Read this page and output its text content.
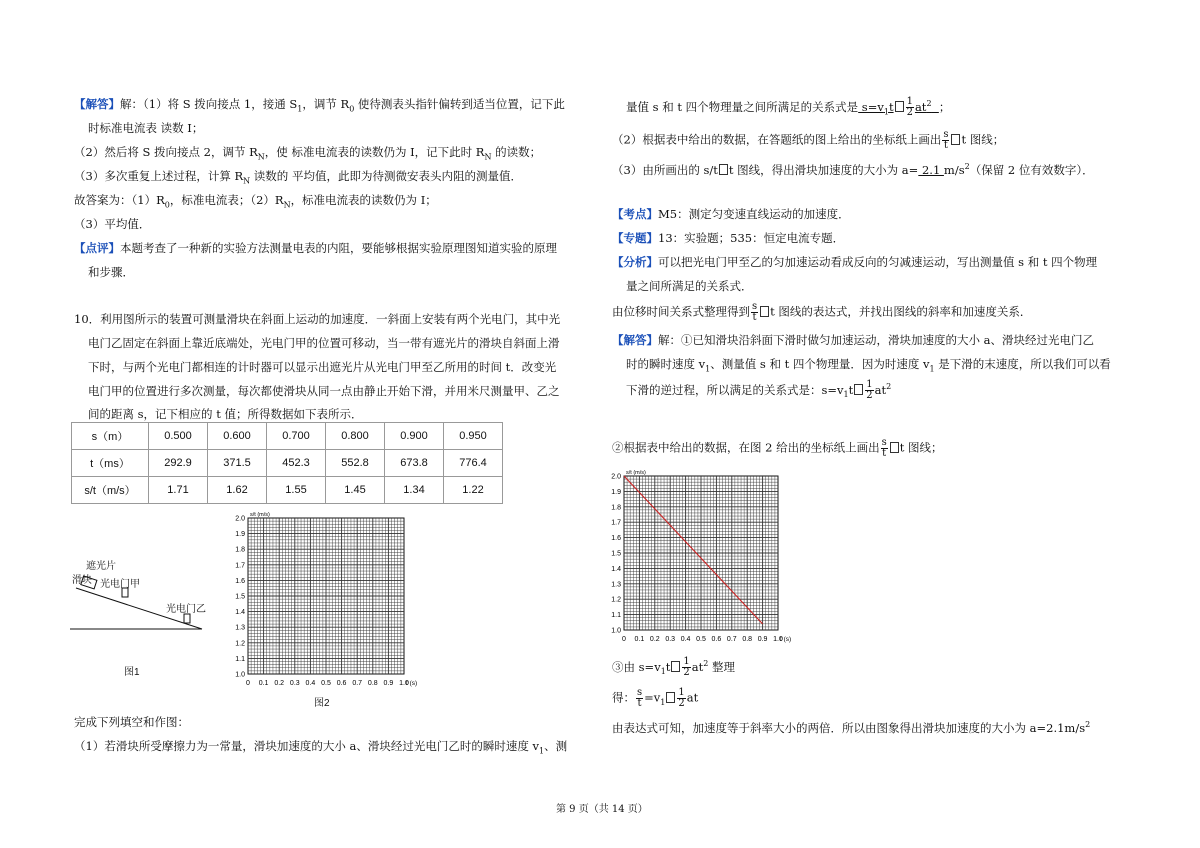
【解答】解：（1）将 S 拨向接点 1，接通 $S_1$，调节 $R_0$ 使待测表头指针偏转到适当位置，记下此
时标准电流表 读数 I；
（2）然后将 S 拨向接点 2，调节 $R_N$，使 标准电流表的读数仍为 I，记下此时 $R_N$ 的读数；
（3）多次重复上述过程，计算 $R_N$ 读数的 平均值，此即为待测微安表头内阻的测量值．
故答案为：$(1)R_0$，标准电流表；$(2)R_N$，标准电流表的读数仍为 I；
（3）平均值．
【点评】本题考查了一种新的实验方法测量电表的内阻，要能够根据实验原理图知道实验的原理
和步骤．
10．利用图所示的装置可测量滑块在斜面上运动的加速度．一斜面上安装有两个光电门，其中光
电门乙固定在斜面上靠近底端处，光电门甲的位置可移动，当一带有遮光片的滑块自斜面上滑
下时，与两个光电门都相连的计时器可以显示出遮光片从光电门甲至乙所用的时间 t．改变光
电门甲的位置进行多次测量，每次都使滑块从同一点由静止开始下滑，并用米尺测量甲、乙之
间的距离 s，记下相应的 t 值；所得数据如下表所示．
s（m）	0.500	0.600	0.700	0.800	0.900	0.950
t（ms）	292.9	371.5	452.3	552.8	673.8	776.4
s/t（m/s）	1.71	1.62	1.55	1.45	1.34	1.22
遮光片
滑块 光电门甲
光电门乙
图1
0 0.1 0.2 0.3 0.4 0.5 0.6 0.7 0.8 0.9 1.0
1.0
1.1
1.2
1.3
1.4
1.5
1.6
1.7
1.8
1.9
2.0
s/t (m/s)
t (s)
图2
完成下列填空和作图：
（1）若滑块所受摩擦力为一常量，滑块加速度的大小 a、滑块经过光电门乙时的瞬时速度 $v_1$、测
量值 s 和 t 四个物理量之间所满足的关系式是 $s=v_1t \frac{1}{2} at^2$ ；
（2）根据表中给出的数据，在答题纸的图上给出的坐标纸上画出 $\frac{s}{t}$ t 图线；
（3）由所画出的 s/t t 图线，得出滑块加速度的大小为 a= 2.1 $m/s^2$（保留 2 位有效数字）．
【考点】M5：测定匀变速直线运动的加速度．
【专题】13：实验题；535：恒定电流专题．
【分析】可以把光电门甲至乙的匀加速运动看成反向的匀减速运动，写出测量值 s 和 t 四个物理
量之间所满足的关系式．
由位移时间关系式整理得到 $\frac{s}{t}$ t 图线的表达式，并找出图线的斜率和加速度关系．
【解答】解：①已知滑块沿斜面下滑时做匀加速运动，滑块加速度的大小 a、滑块经过光电门乙
时的瞬时速度 $v_1$、测量值 s 和 t 四个物理量．因为时速度 $v_1$ 是下滑的末速度，所以我们可以看
下滑的逆过程，所以满足的关系式是：$s=v_1t \frac{1}{2} at^2$
②根据表中给出的数据，在图 2 给出的坐标纸上画出 $\frac{s}{t}$ t 图线；
0 0.1 0.2 0.3 0.4 0.5 0.6 0.7 0.8 0.9 1.0
1.0
1.1
1.2
1.3
1.4
1.5
1.6
1.7
1.8
1.9
2.0
s/t (m/s)
t (s)
③由 $s=v_1t \frac{1}{2} at^2$ 整理
得： $\frac{s}{t} =v_1 \frac{1}{2}$ at
由表达式可知，加速度等于斜率大小的两倍．所以由图象得出滑块加速度的大小为 $a=2.1m/s^2$
第 9 页（共 14 页）
